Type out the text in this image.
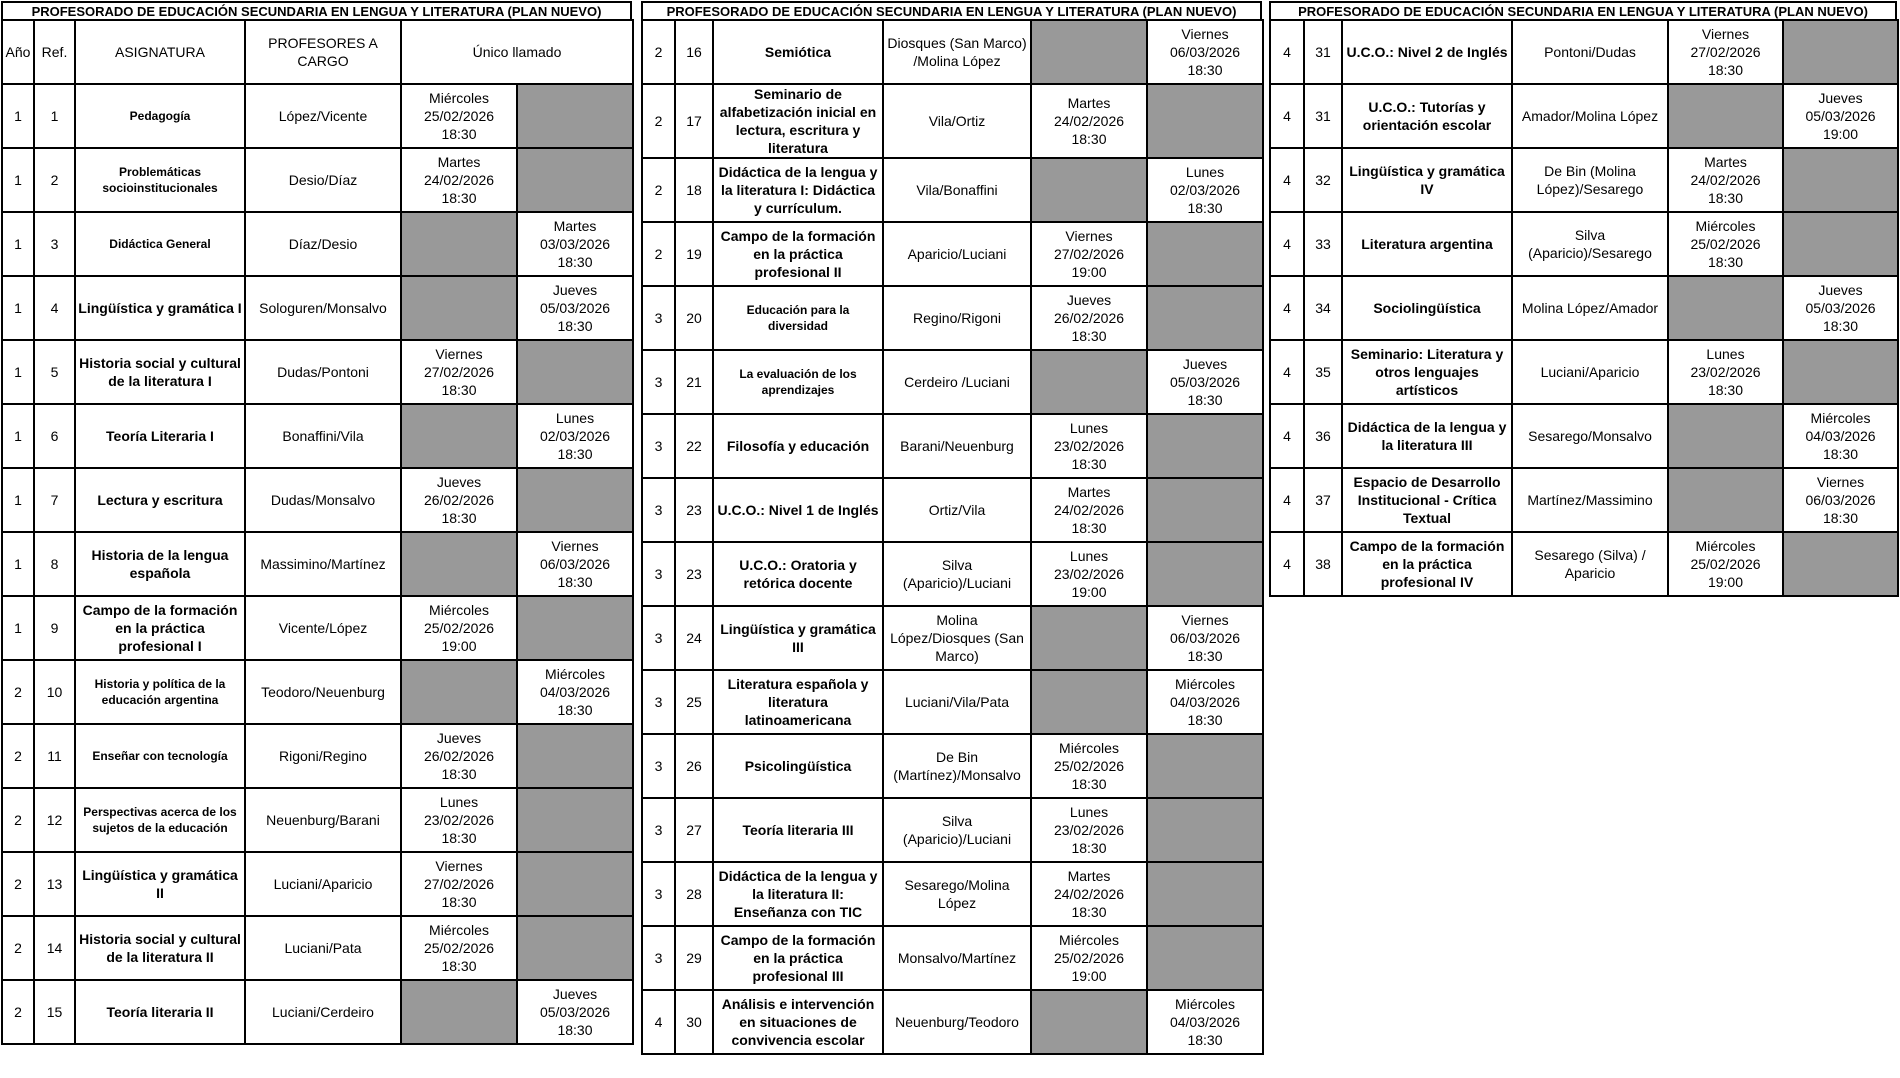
PROFESORADO DE EDUCACIÓN SECUNDARIA EN LENGUA Y LITERATURA (PLAN NUEVO)
Año	Ref.	ASIGNATURA	PROFESORES A CARGO	Único llamado	
1	1	Pedagogía	López/Vicente	Miércoles
25/02/2026
18:30	

1	2	Problemáticas socioinstitucionales	Desio/Díaz	Martes
24/02/2026
18:30	

1	3	Didáctica General	Díaz/Desio		Martes
03/03/2026
18:30

1	4	Lingüística y gramática I	Sologuren/Monsalvo		Jueves
05/03/2026
18:30

1	5	Historia social y cultural de la literatura I	Dudas/Pontoni	Viernes
27/02/2026
18:30	

1	6	Teoría Literaria I	Bonaffini/Vila		Lunes
02/03/2026
18:30

1	7	Lectura y escritura	Dudas/Monsalvo	Jueves
26/02/2026
18:30	

1	8	Historia de la lengua española	Massimino/Martínez		Viernes
06/03/2026
18:30

1	9	Campo de la formación en la práctica profesional I	Vicente/López	Miércoles
25/02/2026
19:00	

2	10	Historia y política de la educación argentina	Teodoro/Neuenburg		Miércoles
04/03/2026
18:30

2	11	Enseñar con tecnología	Rigoni/Regino	Jueves
26/02/2026
18:30	

2	12	Perspectivas acerca de los sujetos de la educación	Neuenburg/Barani	Lunes
23/02/2026
18:30	

2	13	Lingüística y gramática II	Luciani/Aparicio	Viernes
27/02/2026
18:30	

2	14	Historia social y cultural de la literatura II	Luciani/Pata	Miércoles
25/02/2026
18:30	

2	15	Teoría literaria II	Luciani/Cerdeiro		Jueves
05/03/2026
18:30
PROFESORADO DE EDUCACIÓN SECUNDARIA EN LENGUA Y LITERATURA (PLAN NUEVO)
2	16	Semiótica	Diosques (San Marco) /Molina López		Viernes
06/03/2026
18:30

2	17	Seminario de alfabetización inicial en lectura, escritura y literatura	Vila/Ortiz	Martes
24/02/2026
18:30	

2	18	Didáctica de la lengua y la literatura I: Didáctica y currículum.	Vila/Bonaffini		Lunes
02/03/2026
18:30

2	19	Campo de la formación en la práctica profesional II	Aparicio/Luciani	Viernes
27/02/2026
19:00	

3	20	Educación para la diversidad	Regino/Rigoni	Jueves
26/02/2026
18:30	

3	21	La evaluación de los aprendizajes	Cerdeiro /Luciani		Jueves
05/03/2026
18:30

3	22	Filosofía y educación	Barani/Neuenburg	Lunes
23/02/2026
18:30	

3	23	U.C.O.: Nivel 1 de Inglés	Ortiz/Vila	Martes
24/02/2026
18:30	

3	23	U.C.O.: Oratoria y retórica docente	Silva (Aparicio)/Luciani	Lunes
23/02/2026
19:00	

3	24	Lingüística y gramática III	Molina López/Diosques (San Marco)		Viernes
06/03/2026
18:30

3	25	Literatura española y literatura latinoamericana	Luciani/Vila/Pata		Miércoles
04/03/2026
18:30

3	26	Psicolingüística	De Bin (Martínez)/Monsalvo	Miércoles
25/02/2026
18:30	

3	27	Teoría literaria III	Silva (Aparicio)/Luciani	Lunes
23/02/2026
18:30	

3	28	Didáctica de la lengua y la literatura II: Enseñanza con TIC	Sesarego/Molina López	Martes
24/02/2026
18:30	

3	29	Campo de la formación en la práctica profesional III	Monsalvo/Martínez	Miércoles
25/02/2026
19:00	

4	30	Análisis e intervención en situaciones de convivencia escolar	Neuenburg/Teodoro		Miércoles
04/03/2026
18:30
PROFESORADO DE EDUCACIÓN SECUNDARIA EN LENGUA Y LITERATURA (PLAN NUEVO)
4	31	U.C.O.: Nivel 2 de Inglés	Pontoni/Dudas	Viernes
27/02/2026
18:30	

4	31	U.C.O.: Tutorías y orientación escolar	Amador/Molina López		Jueves
05/03/2026
19:00

4	32	Lingüística y gramática IV	De Bin (Molina López)/Sesarego	Martes
24/02/2026
18:30	

4	33	Literatura argentina	Silva (Aparicio)/Sesarego	Miércoles
25/02/2026
18:30	

4	34	Sociolingüística	Molina López/Amador		Jueves
05/03/2026
18:30

4	35	Seminario: Literatura y otros lenguajes artísticos	Luciani/Aparicio	Lunes
23/02/2026
18:30	

4	36	Didáctica de la lengua y la literatura III	Sesarego/Monsalvo		Miércoles
04/03/2026
18:30

4	37	Espacio de Desarrollo Institucional - Crítica Textual	Martínez/Massimino		Viernes
06/03/2026
18:30

4	38	Campo de la formación en la práctica profesional IV	Sesarego (Silva) / Aparicio	Miércoles
25/02/2026
19:00	
